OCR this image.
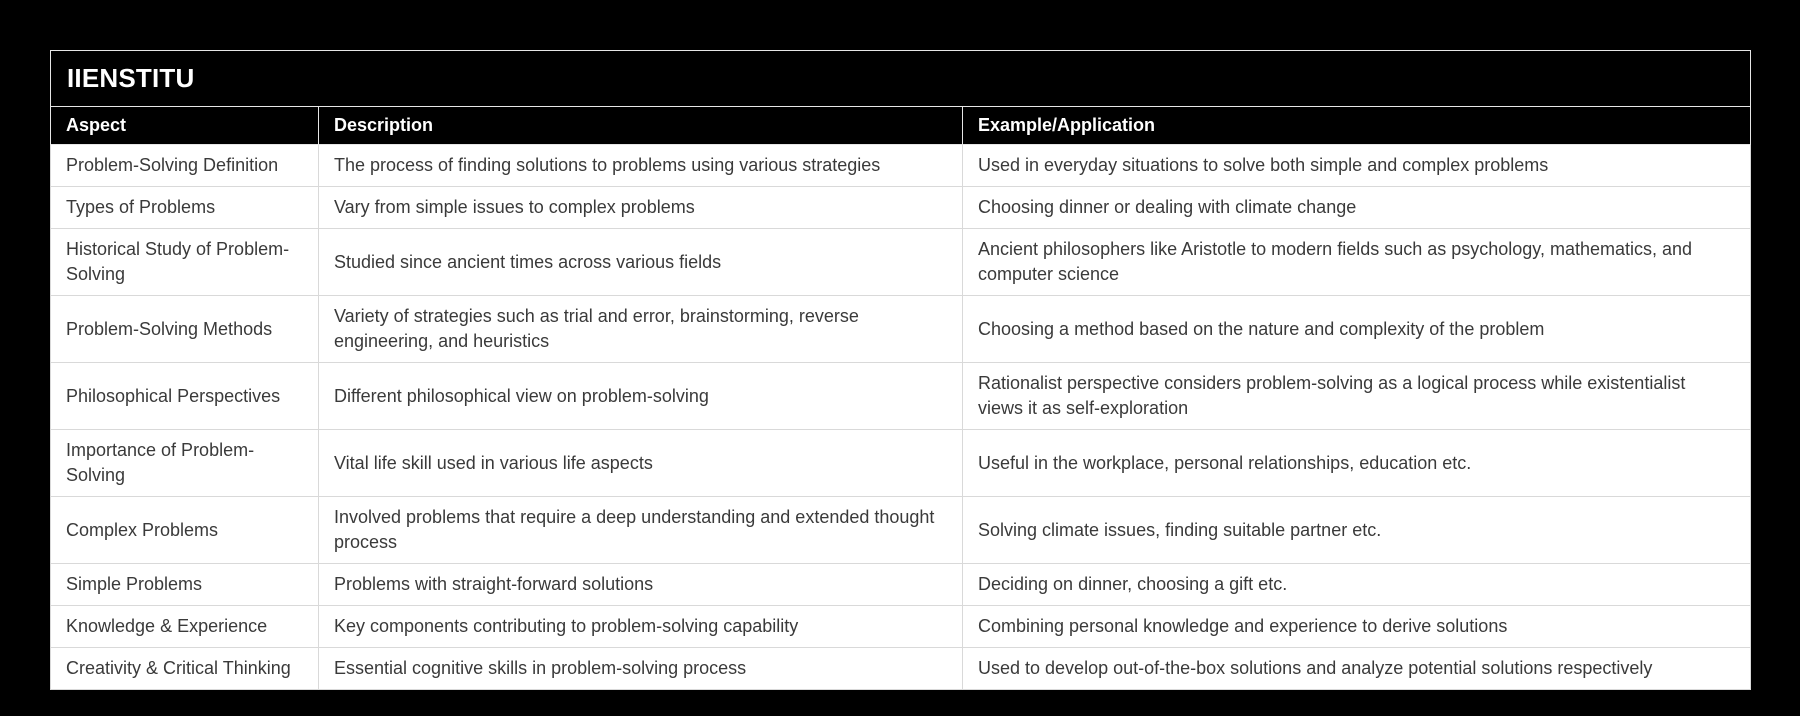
IIENSTITU		
Aspect	Description	Example/Application
Problem-Solving Definition	The process of finding solutions to problems using various strategies	Used in everyday situations to solve both simple and complex problems
Types of Problems	Vary from simple issues to complex problems	Choosing dinner or dealing with climate change
Historical Study of Problem-Solving	Studied since ancient times across various fields	Ancient philosophers like Aristotle to modern fields such as psychology, mathematics, and computer science
Problem-Solving Methods	Variety of strategies such as trial and error, brainstorming, reverse engineering, and heuristics	Choosing a method based on the nature and complexity of the problem
Philosophical Perspectives	Different philosophical view on problem-solving	Rationalist perspective considers problem-solving as a logical process while existentialist views it as self-exploration
Importance of Problem-Solving	Vital life skill used in various life aspects	Useful in the workplace, personal relationships, education etc.
Complex Problems	Involved problems that require a deep understanding and extended thought process	Solving climate issues, finding suitable partner etc.
Simple Problems	Problems with straight-forward solutions	Deciding on dinner, choosing a gift etc.
Knowledge & Experience	Key components contributing to problem-solving capability	Combining personal knowledge and experience to derive solutions
Creativity & Critical Thinking	Essential cognitive skills in problem-solving process	Used to develop out-of-the-box solutions and analyze potential solutions respectively
